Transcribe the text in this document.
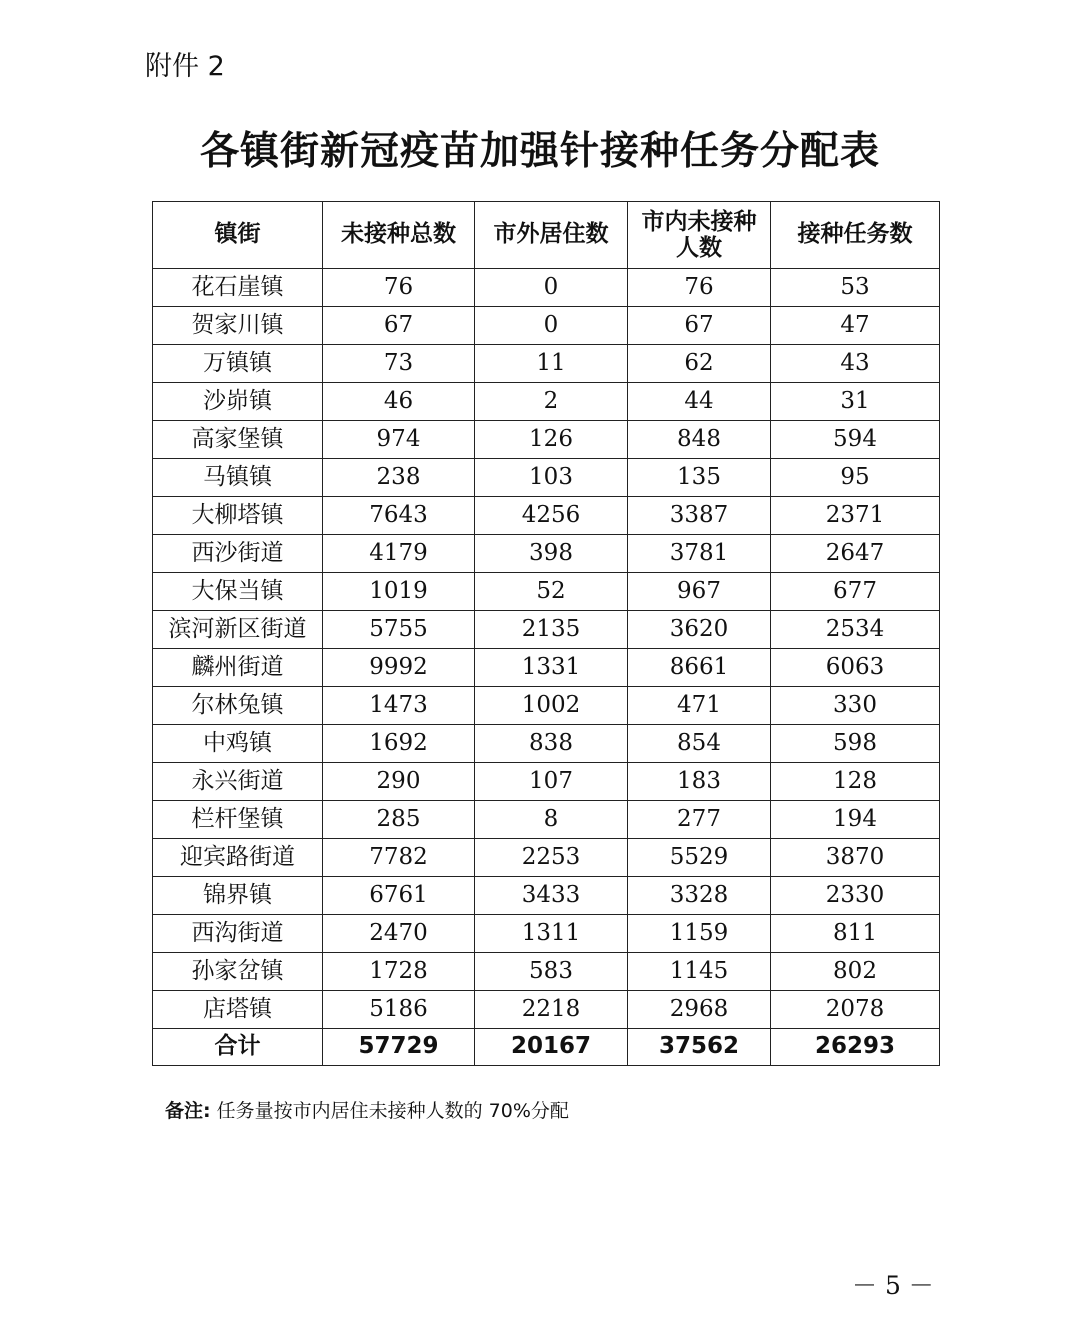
附件 2
各镇街新冠疫苗加强针接种任务分配表
镇街	未接种总数	市外居住数	市内未接种人数	接种任务数
花石崖镇	76	0	76	53
贺家川镇	67	0	67	47
万镇镇	73	11	62	43
沙峁镇	46	2	44	31
高家堡镇	974	126	848	594
马镇镇	238	103	135	95
大柳塔镇	7643	4256	3387	2371
西沙街道	4179	398	3781	2647
大保当镇	1019	52	967	677
滨河新区街道	5755	2135	3620	2534
麟州街道	9992	1331	8661	6063
尔林兔镇	1473	1002	471	330
中鸡镇	1692	838	854	598
永兴街道	290	107	183	128
栏杆堡镇	285	8	277	194
迎宾路街道	7782	2253	5529	3870
锦界镇	6761	3433	3328	2330
西沟街道	2470	1311	1159	811
孙家岔镇	1728	583	1145	802
店塔镇	5186	2218	2968	2078
合计	57729	20167	37562	26293
备注: 任务量按市内居住未接种人数的 70%分配
－ 5 －
